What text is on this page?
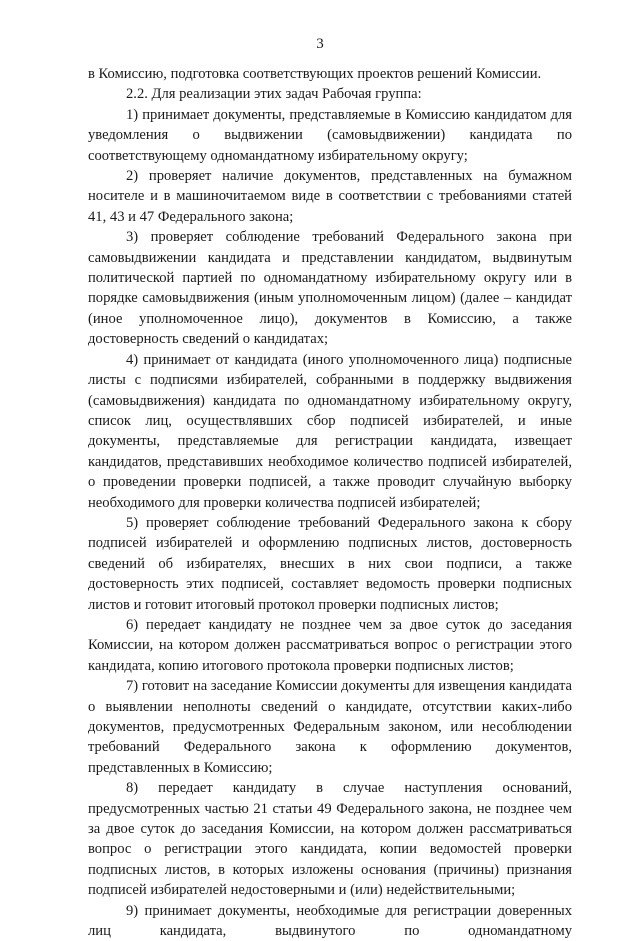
3

в Комиссию, подготовка соответствующих проектов решений Комиссии.

2.2. Для реализации этих задач Рабочая группа:

1) принимает документы, представляемые в Комиссию кандидатом для уведомления о выдвижении (самовыдвижении) кандидата по соответствующему одномандатному избирательному округу;

2) проверяет наличие документов, представленных на бумажном носителе и в машиночитаемом виде в соответствии с требованиями статей 41, 43 и 47 Федерального закона;

3) проверяет соблюдение требований Федерального закона при самовыдвижении кандидата и представлении кандидатом, выдвинутым политической партией по одномандатному избирательному округу или в порядке самовыдвижения (иным уполномоченным лицом) (далее – кандидат (иное уполномоченное лицо), документов в Комиссию, а также достоверность сведений о кандидатах;

4) принимает от кандидата (иного уполномоченного лица) подписные листы с подписями избирателей, собранными в поддержку выдвижения (самовыдвижения) кандидата по одномандатному избирательному округу, список лиц, осуществлявших сбор подписей избирателей, и иные документы, представляемые для регистрации кандидата, извещает кандидатов, представивших необходимое количество подписей избирателей, о проведении проверки подписей, а также проводит случайную выборку необходимого для проверки количества подписей избирателей;

5) проверяет соблюдение требований Федерального закона к сбору подписей избирателей и оформлению подписных листов, достоверность сведений об избирателях, внесших в них свои подписи, а также достоверность этих подписей, составляет ведомость проверки подписных листов и готовит итоговый протокол проверки подписных листов;

6) передает кандидату не позднее чем за двое суток до заседания Комиссии, на котором должен рассматриваться вопрос о регистрации этого кандидата, копию итогового протокола проверки подписных листов;

7) готовит на заседание Комиссии документы для извещения кандидата о выявлении неполноты сведений о кандидате, отсутствии каких-либо документов, предусмотренных Федеральным законом, или несоблюдении требований Федерального закона к оформлению документов, представленных в Комиссию;

8) передает кандидату в случае наступления оснований, предусмотренных частью 21 статьи 49 Федерального закона, не позднее чем за двое суток до заседания Комиссии, на котором должен рассматриваться вопрос о регистрации этого кандидата, копии ведомостей проверки подписных листов, в которых изложены основания (причины) признания подписей избирателей недостоверными и (или) недействительными;

9) принимает документы, необходимые для регистрации доверенных лиц кандидата, выдвинутого по одномандатному
